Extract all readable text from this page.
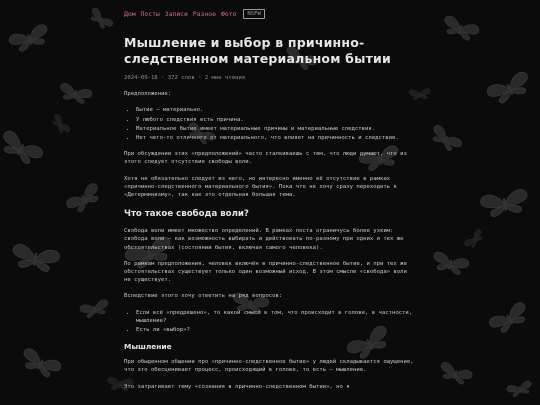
Дом Посты Записи Разное Фото	NSFW
Мышление и выбор в причинно-следственном материальном бытии
2024-09-18 · 372 слов · 2 мин чтения

Предположение:

• Бытие — материально.
• У любого следствия есть причина.
• Материальное бытие имеет материальные причины и материальные следствия.
• Нет чего-то отличного от материального, что влияет на причинность и следствие.

При обсуждении этих «предположений» часто сталкиваешь с тем, что люди думают, что из этого следует отсутствие свободы воли.

Хотя не обязательно следует из него, но интересно именно её отсутствие в рамках «причинно-следственного материального бытия». Пока что не хочу сразу переходить к «Детерминизму», так как это отдельная большая тема.

Что такое свобода воли?

Свобода воли имеет множество определений. В рамках поста ограничусь более узким: свобода воли — как возможность выбирать и действовать по-разному при одних и тех же обстоятельствах (состоянии бытия, включая самого человека).

По рамкам предположения, человек включён в причинно-следственное бытие, и при тех же обстоятельствах существует только один возможный исход. В этом смысле «свобода» воли не существует.

Вследствие этого хочу ответить на ряд вопросов:

• Если всё «предрешено», то какой смысл в том, что происходит в голове, в частности, мышление?
• Есть ли «выбор»?
Мышление

При обыденном общении про «причинно-следственное бытие» у людей складывается ощущение, что это обесценивает процесс, происходящий в голове, то есть — мышление.

Это затрагивает тему «сознания в причинно-следственном бытии», но я
